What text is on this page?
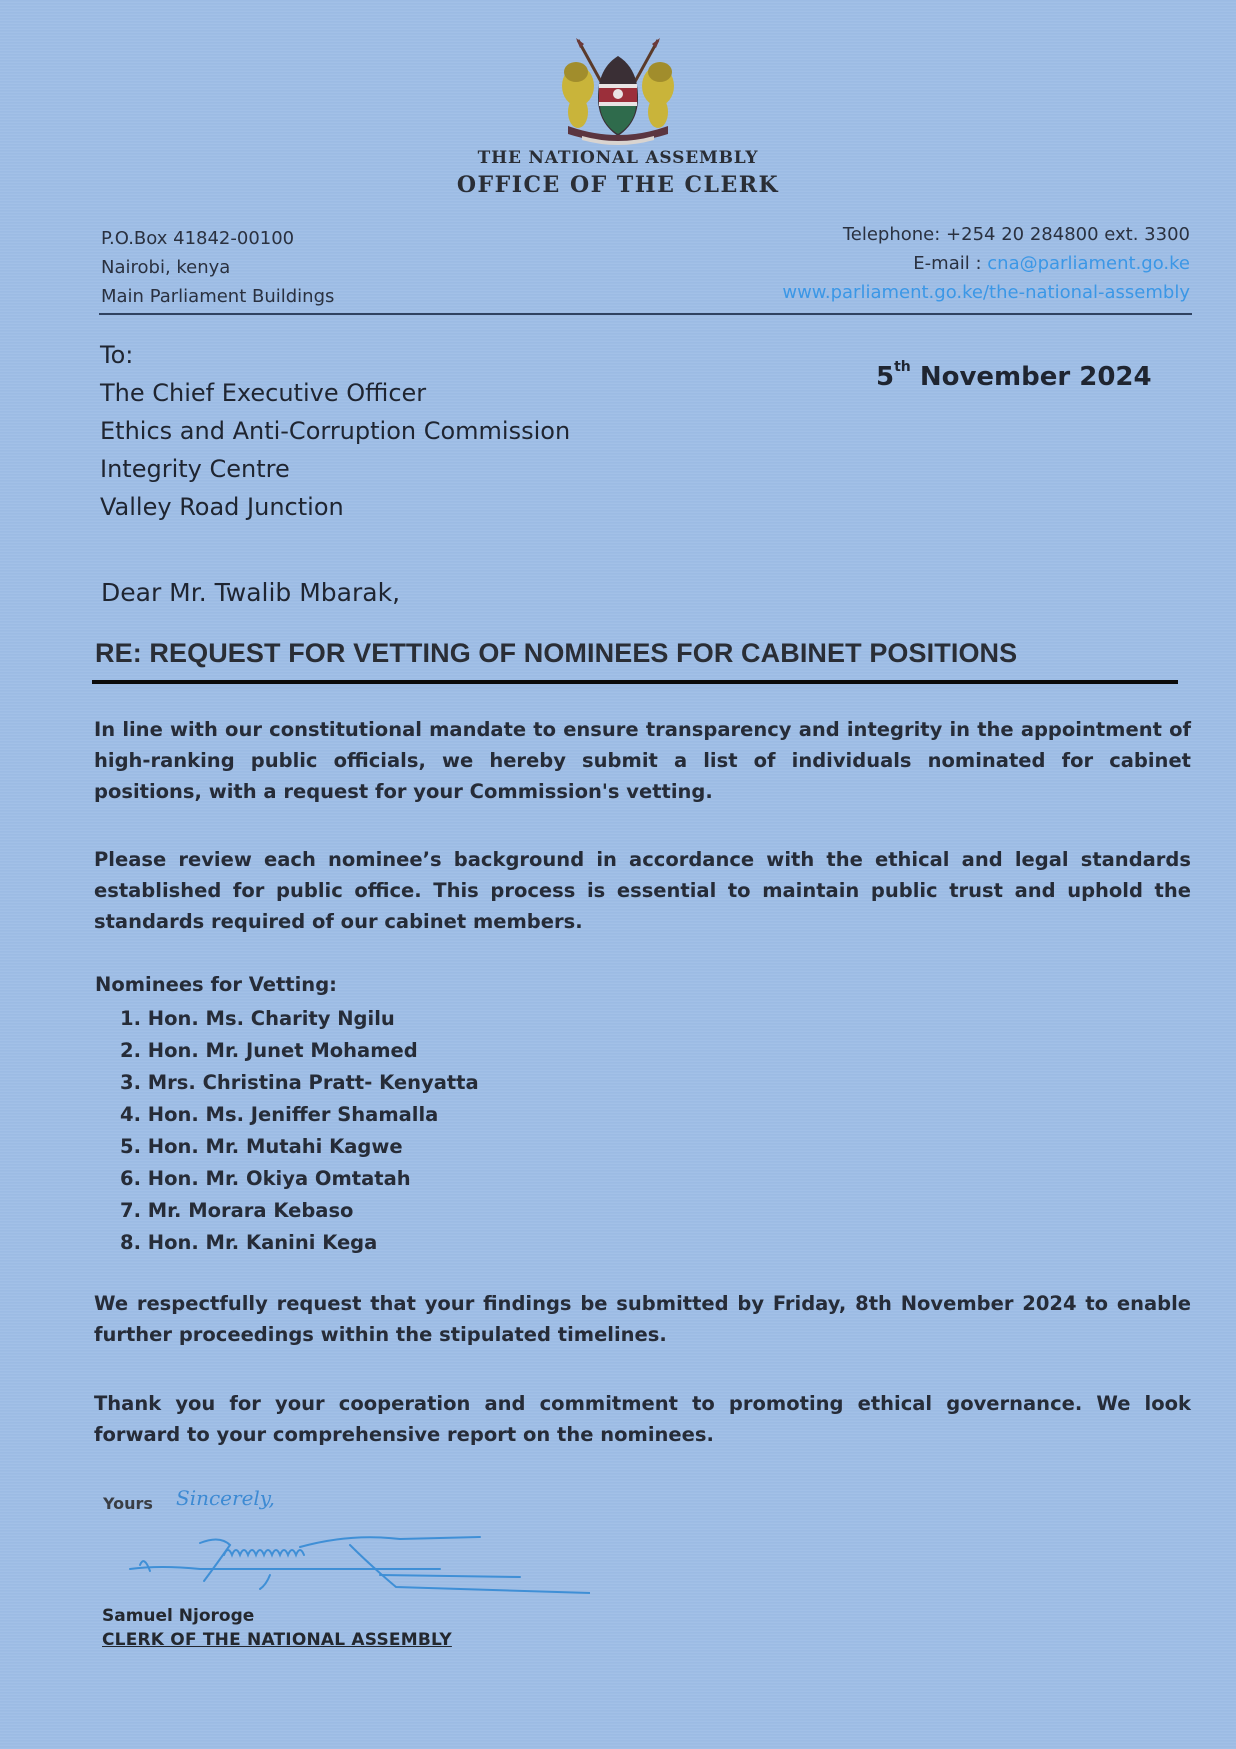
THE NATIONAL ASSEMBLY
OFFICE OF THE CLERK
P.O.Box 41842-00100
Nairobi, kenya
Main Parliament Buildings
Telephone: +254 20 284800 ext. 3300
E-mail : cna@parliament.go.ke
www.parliament.go.ke/the-national-assembly
To:
The Chief Executive Officer
Ethics and Anti-Corruption Commission
Integrity Centre
Valley Road Junction
5th November 2024
Dear Mr. Twalib Mbarak,
RE: REQUEST FOR VETTING OF NOMINEES FOR CABINET POSITIONS
In line with our constitutional mandate to ensure transparency and integrity in the appointment of high-ranking public officials, we hereby submit a list of individuals nominated for cabinet positions, with a request for your Commission's vetting.
Please review each nominee’s background in accordance with the ethical and legal standards established for public office. This process is essential to maintain public trust and uphold the standards required of our cabinet members.
Nominees for Vetting:
1. Hon. Ms. Charity Ngilu
2. Hon. Mr. Junet Mohamed
3. Mrs. Christina Pratt- Kenyatta
4. Hon. Ms. Jeniffer Shamalla
5. Hon. Mr. Mutahi Kagwe
6. Hon. Mr. Okiya Omtatah
7. Mr. Morara Kebaso
8. Hon. Mr. Kanini Kega
We respectfully request that your findings be submitted by Friday, 8th November 2024 to enable further proceedings within the stipulated timelines.
Thank you for your cooperation and commitment to promoting ethical governance. We look forward to your comprehensive report on the nominees.
Yours Sincerely,
Samuel Njoroge
CLERK OF THE NATIONAL ASSEMBLY
